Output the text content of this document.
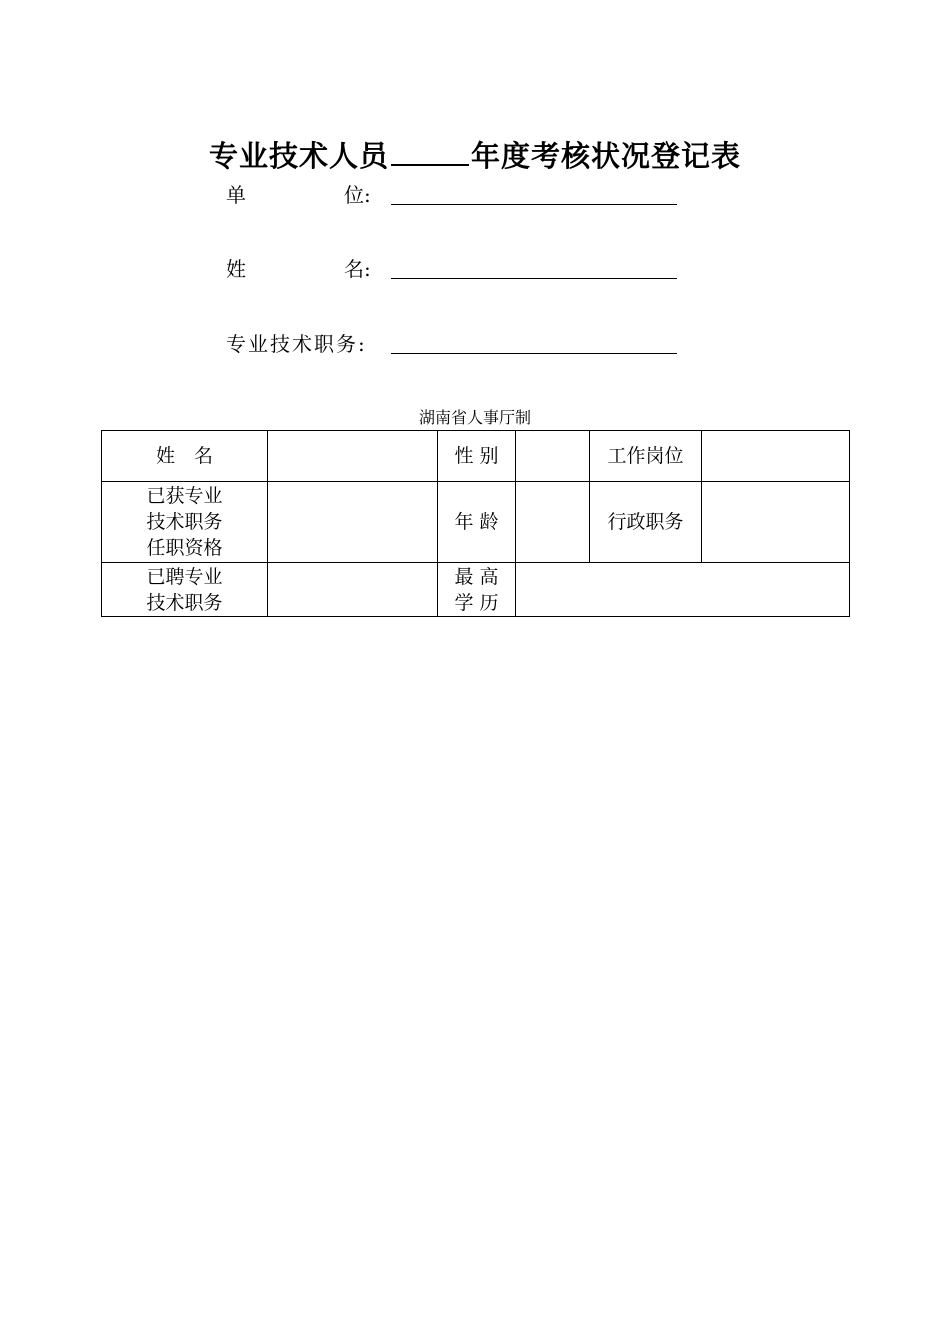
专业技术人员	年度考核状况登记表
单	位:
姓	名:
专业技术职务:
湖南省人事厅制
姓　名		性 别		工作岗位	

已获专业
技术职务
任职资格		年 龄		行政职务	

已聘专业
技术职务		最 高
学 历			
